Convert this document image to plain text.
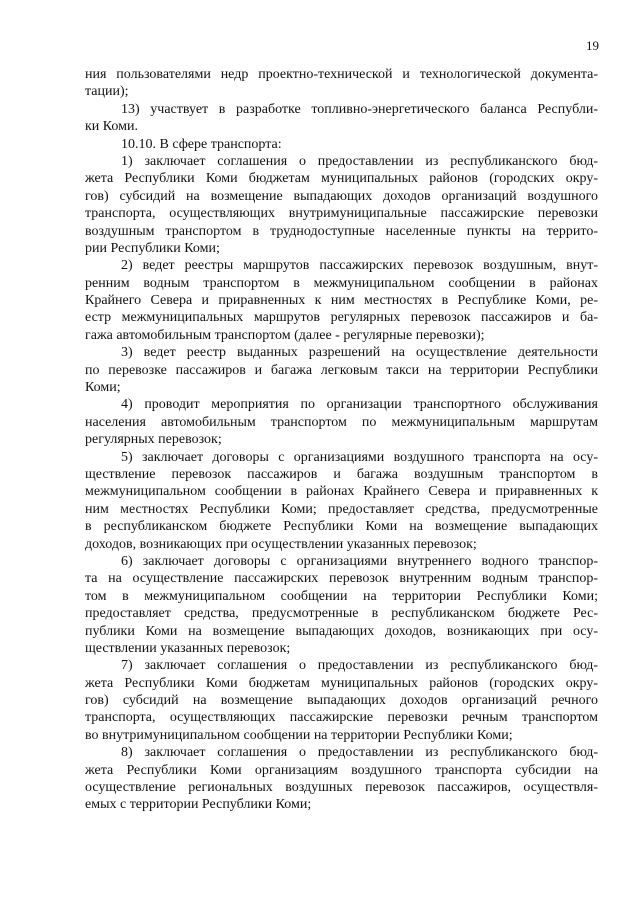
19
ния пользователями недр проектно-технической и технологической документа-
тации);
13) участвует в разработке топливно-энергетического баланса Республи-
ки Коми.
10.10. В сфере транспорта:
1) заключает соглашения о предоставлении из республиканского бюд-
жета Республики Коми бюджетам муниципальных районов (городских окру-
гов) субсидий на возмещение выпадающих доходов организаций воздушного
транспорта, осуществляющих внутримуниципальные пассажирские перевозки
воздушным транспортом в труднодоступные населенные пункты на террито-
рии Республики Коми;
2) ведет реестры маршрутов пассажирских перевозок воздушным, внут-
ренним водным транспортом в межмуниципальном сообщении в районах
Крайнего Севера и приравненных к ним местностях в Республике Коми, ре-
естр межмуниципальных маршрутов регулярных перевозок пассажиров и ба-
гажа автомобильным транспортом (далее - регулярные перевозки);
3) ведет реестр выданных разрешений на осуществление деятельности
по перевозке пассажиров и багажа легковым такси на территории Республики
Коми;
4) проводит мероприятия по организации транспортного обслуживания
населения автомобильным транспортом по межмуниципальным маршрутам
регулярных перевозок;
5) заключает договоры с организациями воздушного транспорта на осу-
ществление перевозок пассажиров и багажа воздушным транспортом в
межмуниципальном сообщении в районах Крайнего Севера и приравненных к
ним местностях Республики Коми; предоставляет средства, предусмотренные
в республиканском бюджете Республики Коми на возмещение выпадающих
доходов, возникающих при осуществлении указанных перевозок;
6) заключает договоры с организациями внутреннего водного транспор-
та на осуществление пассажирских перевозок внутренним водным транспор-
том в межмуниципальном сообщении на территории Республики Коми;
предоставляет средства, предусмотренные в республиканском бюджете Рес-
публики Коми на возмещение выпадающих доходов, возникающих при осу-
ществлении указанных перевозок;
7) заключает соглашения о предоставлении из республиканского бюд-
жета Республики Коми бюджетам муниципальных районов (городских окру-
гов) субсидий на возмещение выпадающих доходов организаций речного
транспорта, осуществляющих пассажирские перевозки речным транспортом
во внутримуниципальном сообщении на территории Республики Коми;
8) заключает соглашения о предоставлении из республиканского бюд-
жета Республики Коми организациям воздушного транспорта субсидии на
осуществление региональных воздушных перевозок пассажиров, осуществля-
емых с территории Республики Коми;
